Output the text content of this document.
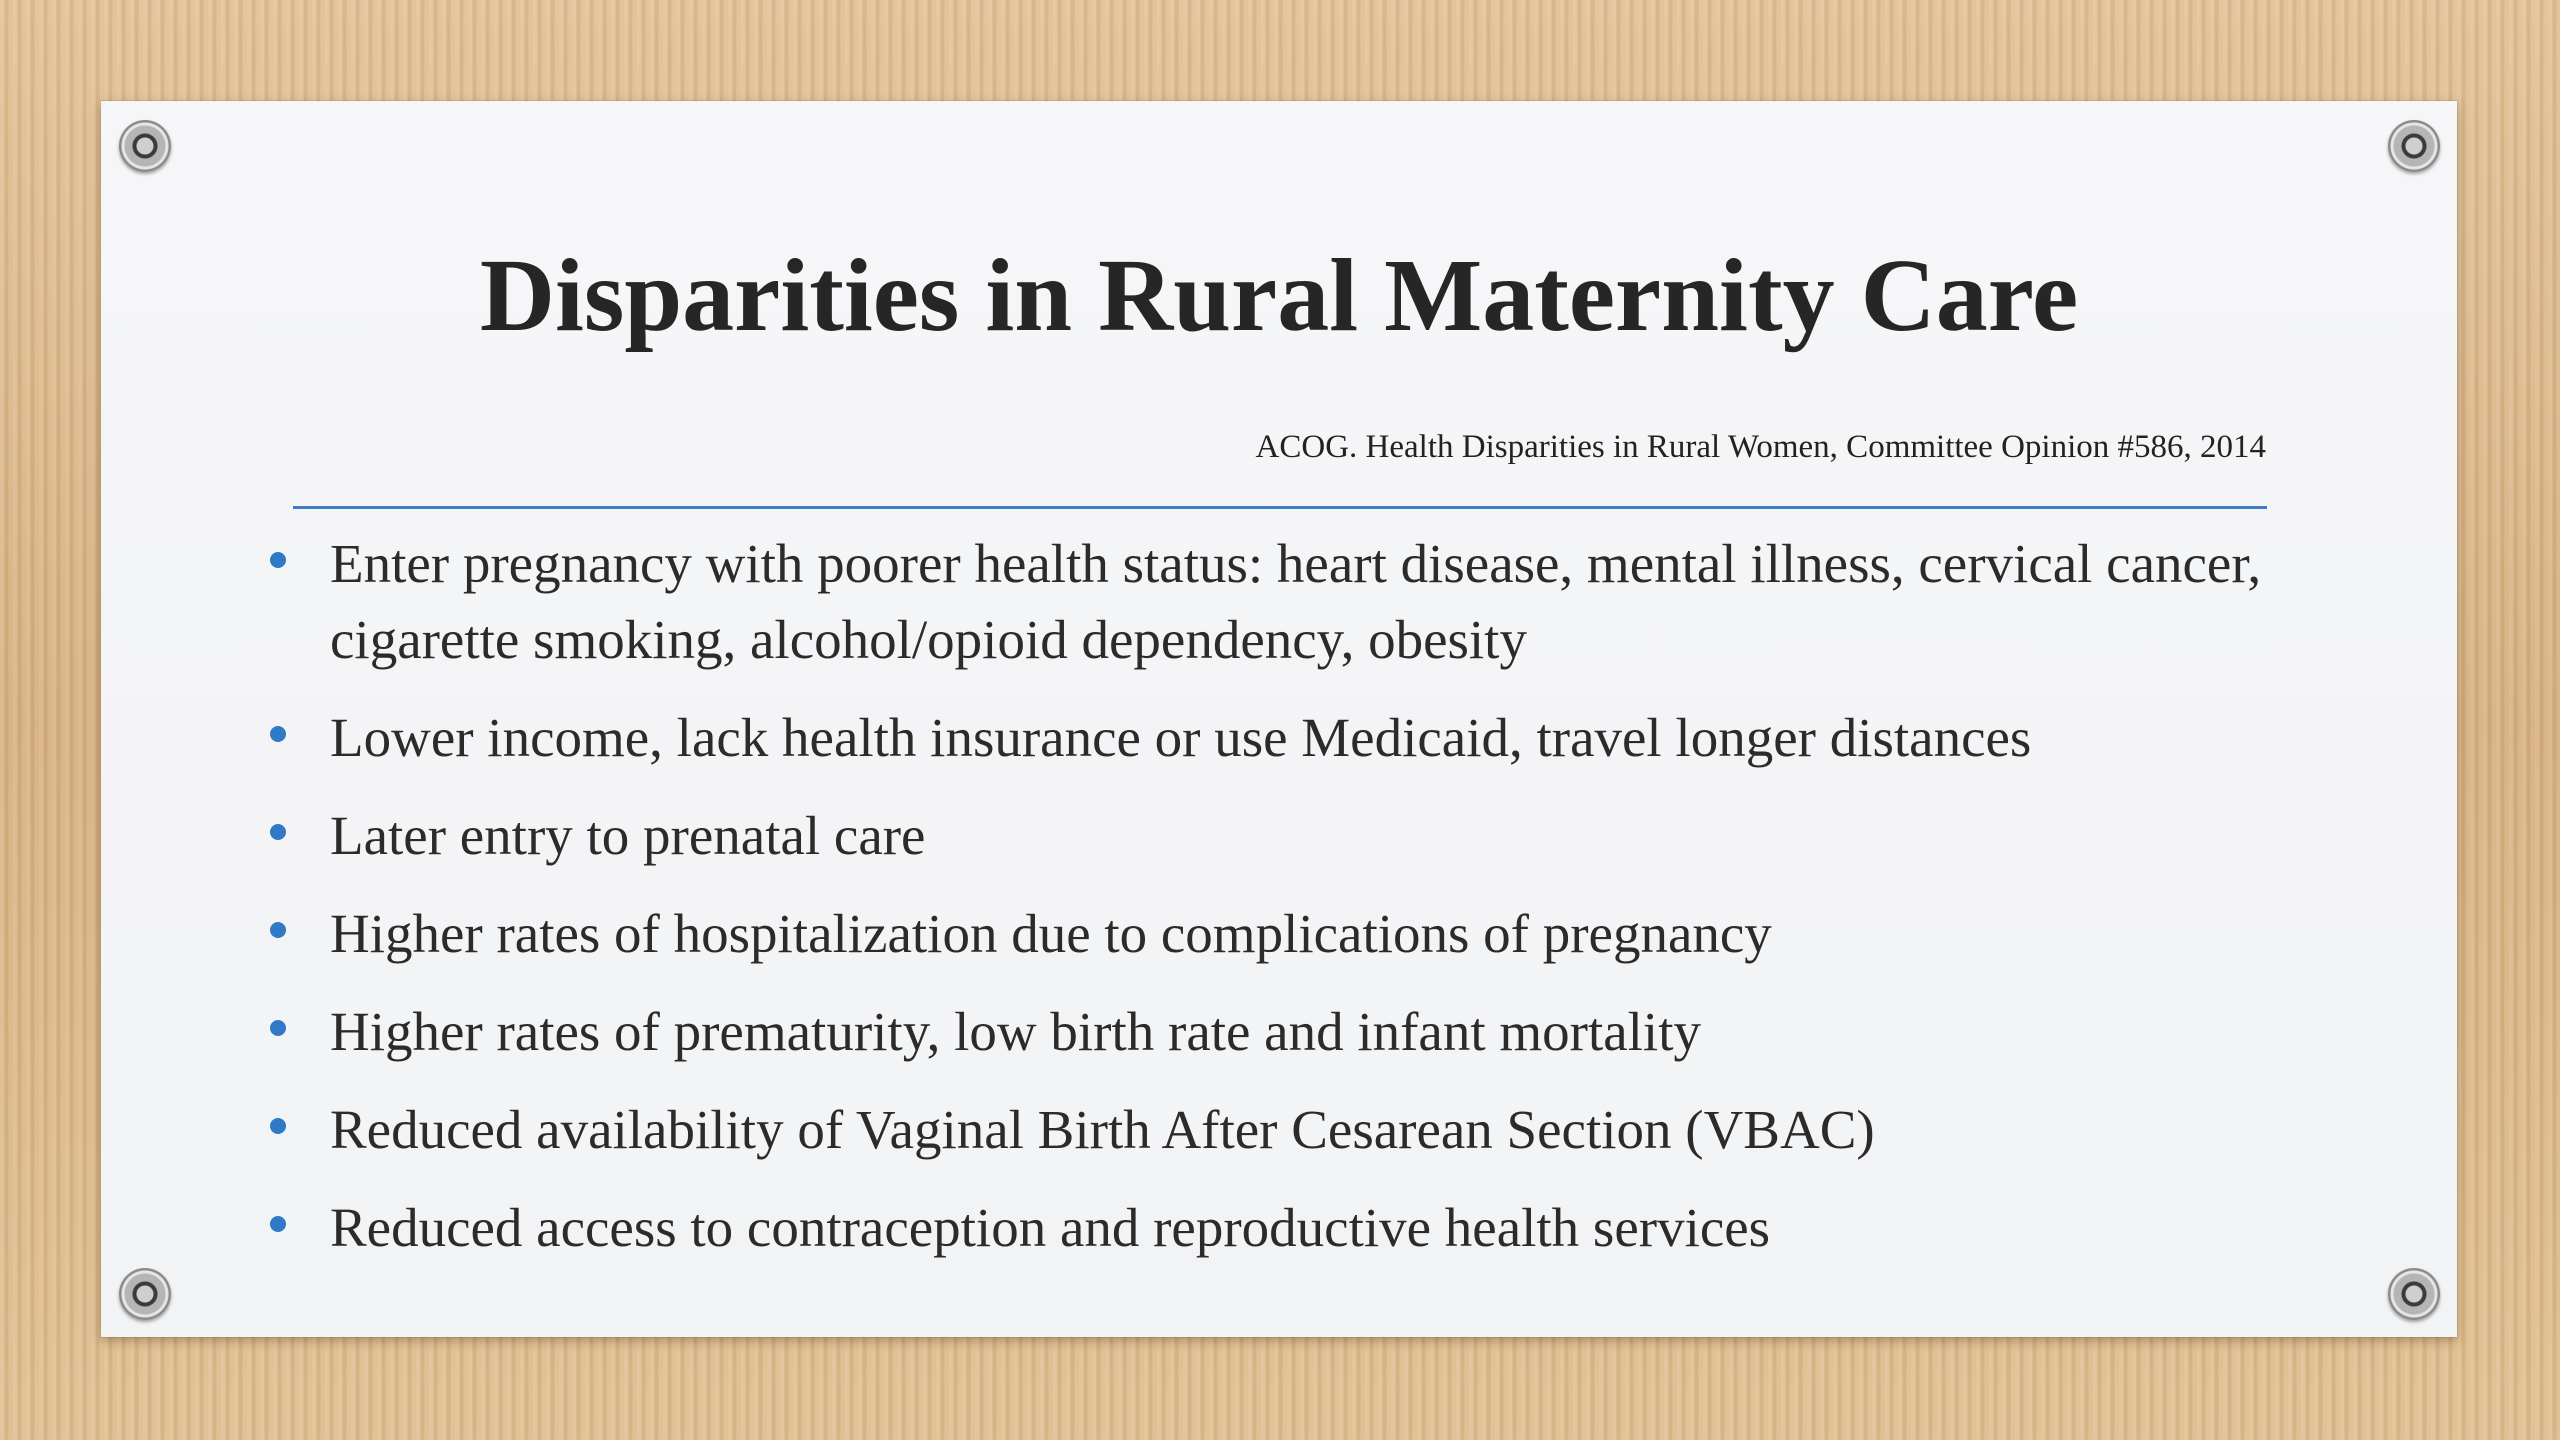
Disparities in Rural Maternity Care
ACOG. Health Disparities in Rural Women, Committee Opinion #586, 2014
Enter pregnancy with poorer health status: heart disease, mental illness, cervical cancer, cigarette smoking, alcohol/opioid dependency, obesity
Lower income, lack health insurance or use Medicaid, travel longer distances
Later entry to prenatal care
Higher rates of hospitalization due to complications of pregnancy
Higher rates of prematurity, low birth rate and infant mortality
Reduced availability of Vaginal Birth After Cesarean Section (VBAC)
Reduced access to contraception and reproductive health services
